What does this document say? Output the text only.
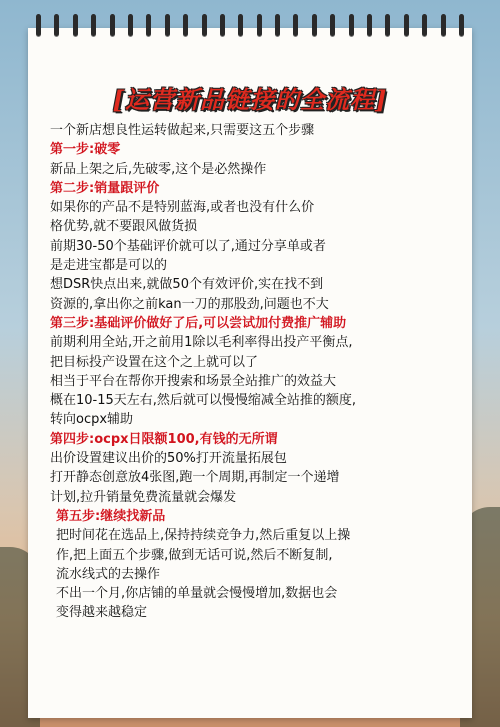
[运营新品链接的全流程]
一个新店想良性运转做起来,只需要这五个步骤
第一步:破零
新品上架之后,先破零,这个是必然操作
第二步:销量跟评价
如果你的产品不是特别蓝海,或者也没有什么价
格优势,就不要跟风做货损
前期30-50个基础评价就可以了,通过分享单或者
是走进宝都是可以的
想DSR快点出来,就做50个有效评价,实在找不到
资源的,拿出你之前kan一刀的那股劲,问题也不大
第三步:基础评价做好了后,可以尝试加付费推广辅助
前期利用全站,开之前用1除以毛利率得出投产平衡点,
把目标投产设置在这个之上就可以了
相当于平台在帮你开搜索和场景全站推广的效益大
概在10-15天左右,然后就可以慢慢缩减全站推的额度,
转向ocpx辅助
第四步:ocpx日限额100,有钱的无所谓
出价设置建议出价的50%打开流量拓展包
打开静态创意放4张图,跑一个周期,再制定一个递增
计划,拉升销量免费流量就会爆发
第五步:继续找新品
把时间花在选品上,保持持续竞争力,然后重复以上操
作,把上面五个步骤,做到无话可说,然后不断复制,
流水线式的去操作
不出一个月,你店铺的单量就会慢慢增加,数据也会
变得越来越稳定
